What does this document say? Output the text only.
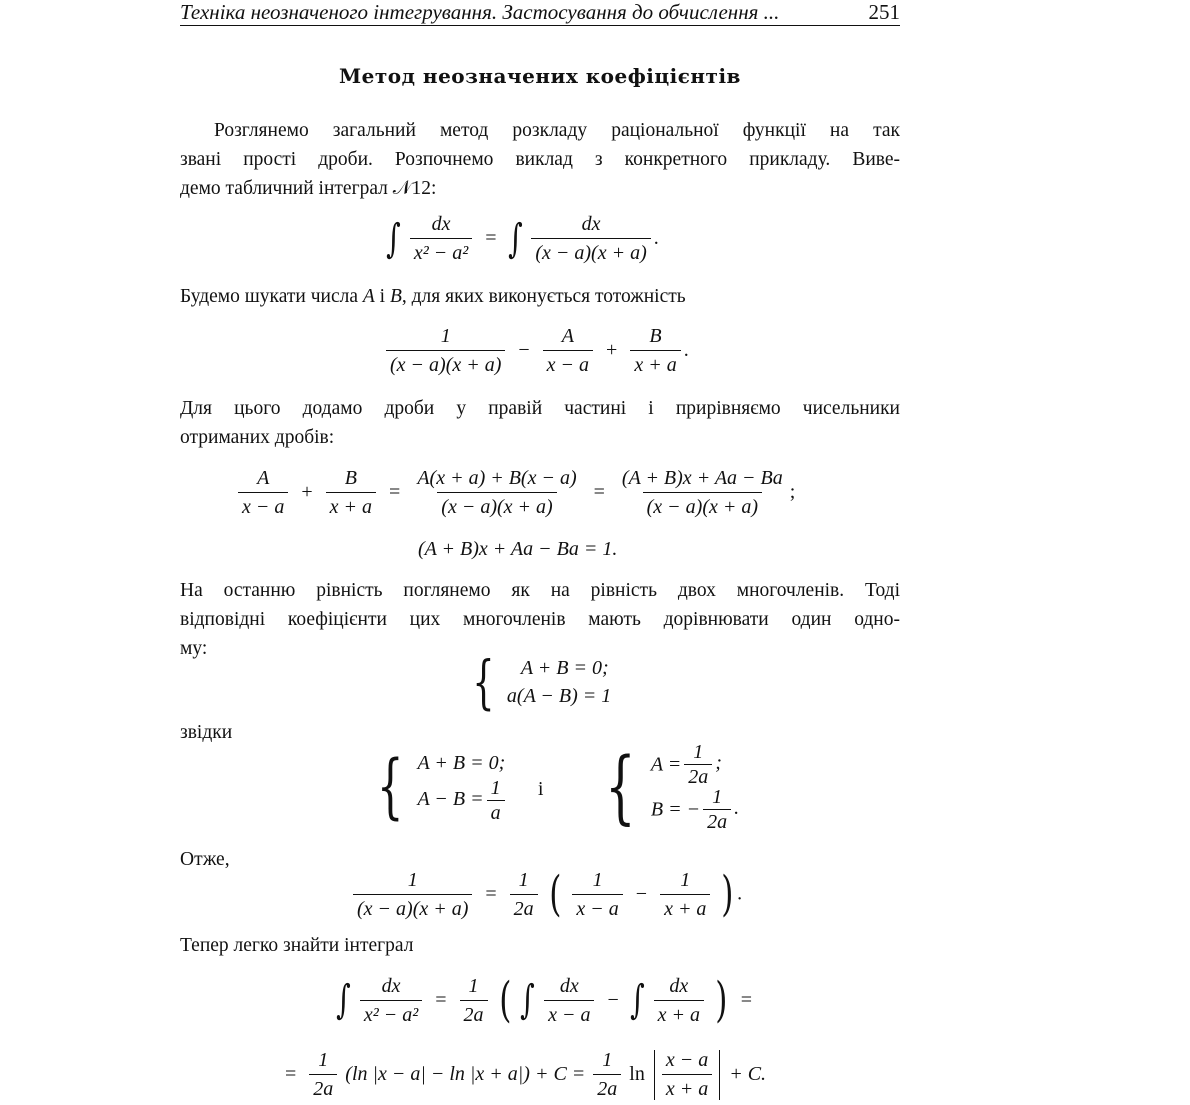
Техніка неозначеного інтегрування. Застосування до обчислення ...	251
Метод неозначених коефіцієнтів
Розглянемо загальний метод розкладу раціональної функції на так
звані прості дроби. Розпочнемо виклад з конкретного прикладу. Виве-
демо табличний інтеграл 𝒩12:
∫ $\frac{dx}{\text{x² − a²}}$ = ∫ $\frac{dx}{(x - a)(x + a)}$ .
Будемо шукати числа A і B, для яких виконується тотожність
$\frac{1}{(x - a)(x + a)} - \frac{A}{x - a} + \frac{B}{x + a}$ .
Для цього додамо дроби у правій частині і прирівняємо чисельники
отриманих дробів:
$\frac{A}{x - a} + \frac{B}{x + a} = \frac{A(x + a) + B(x - a)}{(x - a)(x + a)} = \frac{(A + B)x + Aa - Ba}{(x - a)(x + a)}$ ;
(A + B)x + Aa − Ba = 1.
На останню рівність поглянемо як на рівність двох многочленів. Тоді
відповідні коефіцієнти цих многочленів мають дорівнювати один одно-
му:	{	A + B = 0;
a(A − B) = 1
звідки
{ A + B = 0;
$A - B = \frac{1}{a}$ і { $A = \frac{1}{2a}$ ;
B = − $\frac{1}{2a}$ .
Отже,
$\frac{1}{(x - a)(x + a)} = \frac{1}{2a}$ ( $\frac{1}{x - a} - \frac{1}{x + a}$ ) .
Тепер легко знайти інтеграл
∫ $\frac{dx}{\text{x² − a²}} = \frac{1}{2a}$ ( ∫ $\frac{dx}{x - a}$ − ∫ $\frac{dx}{x + a}$ ) =
= $\frac{1}{2a} (\ln$ $|x - a| - \ln |x + a|) + C = \frac{1}{2a}$ $\ln \frac{x - a}{x + a} + C$.
